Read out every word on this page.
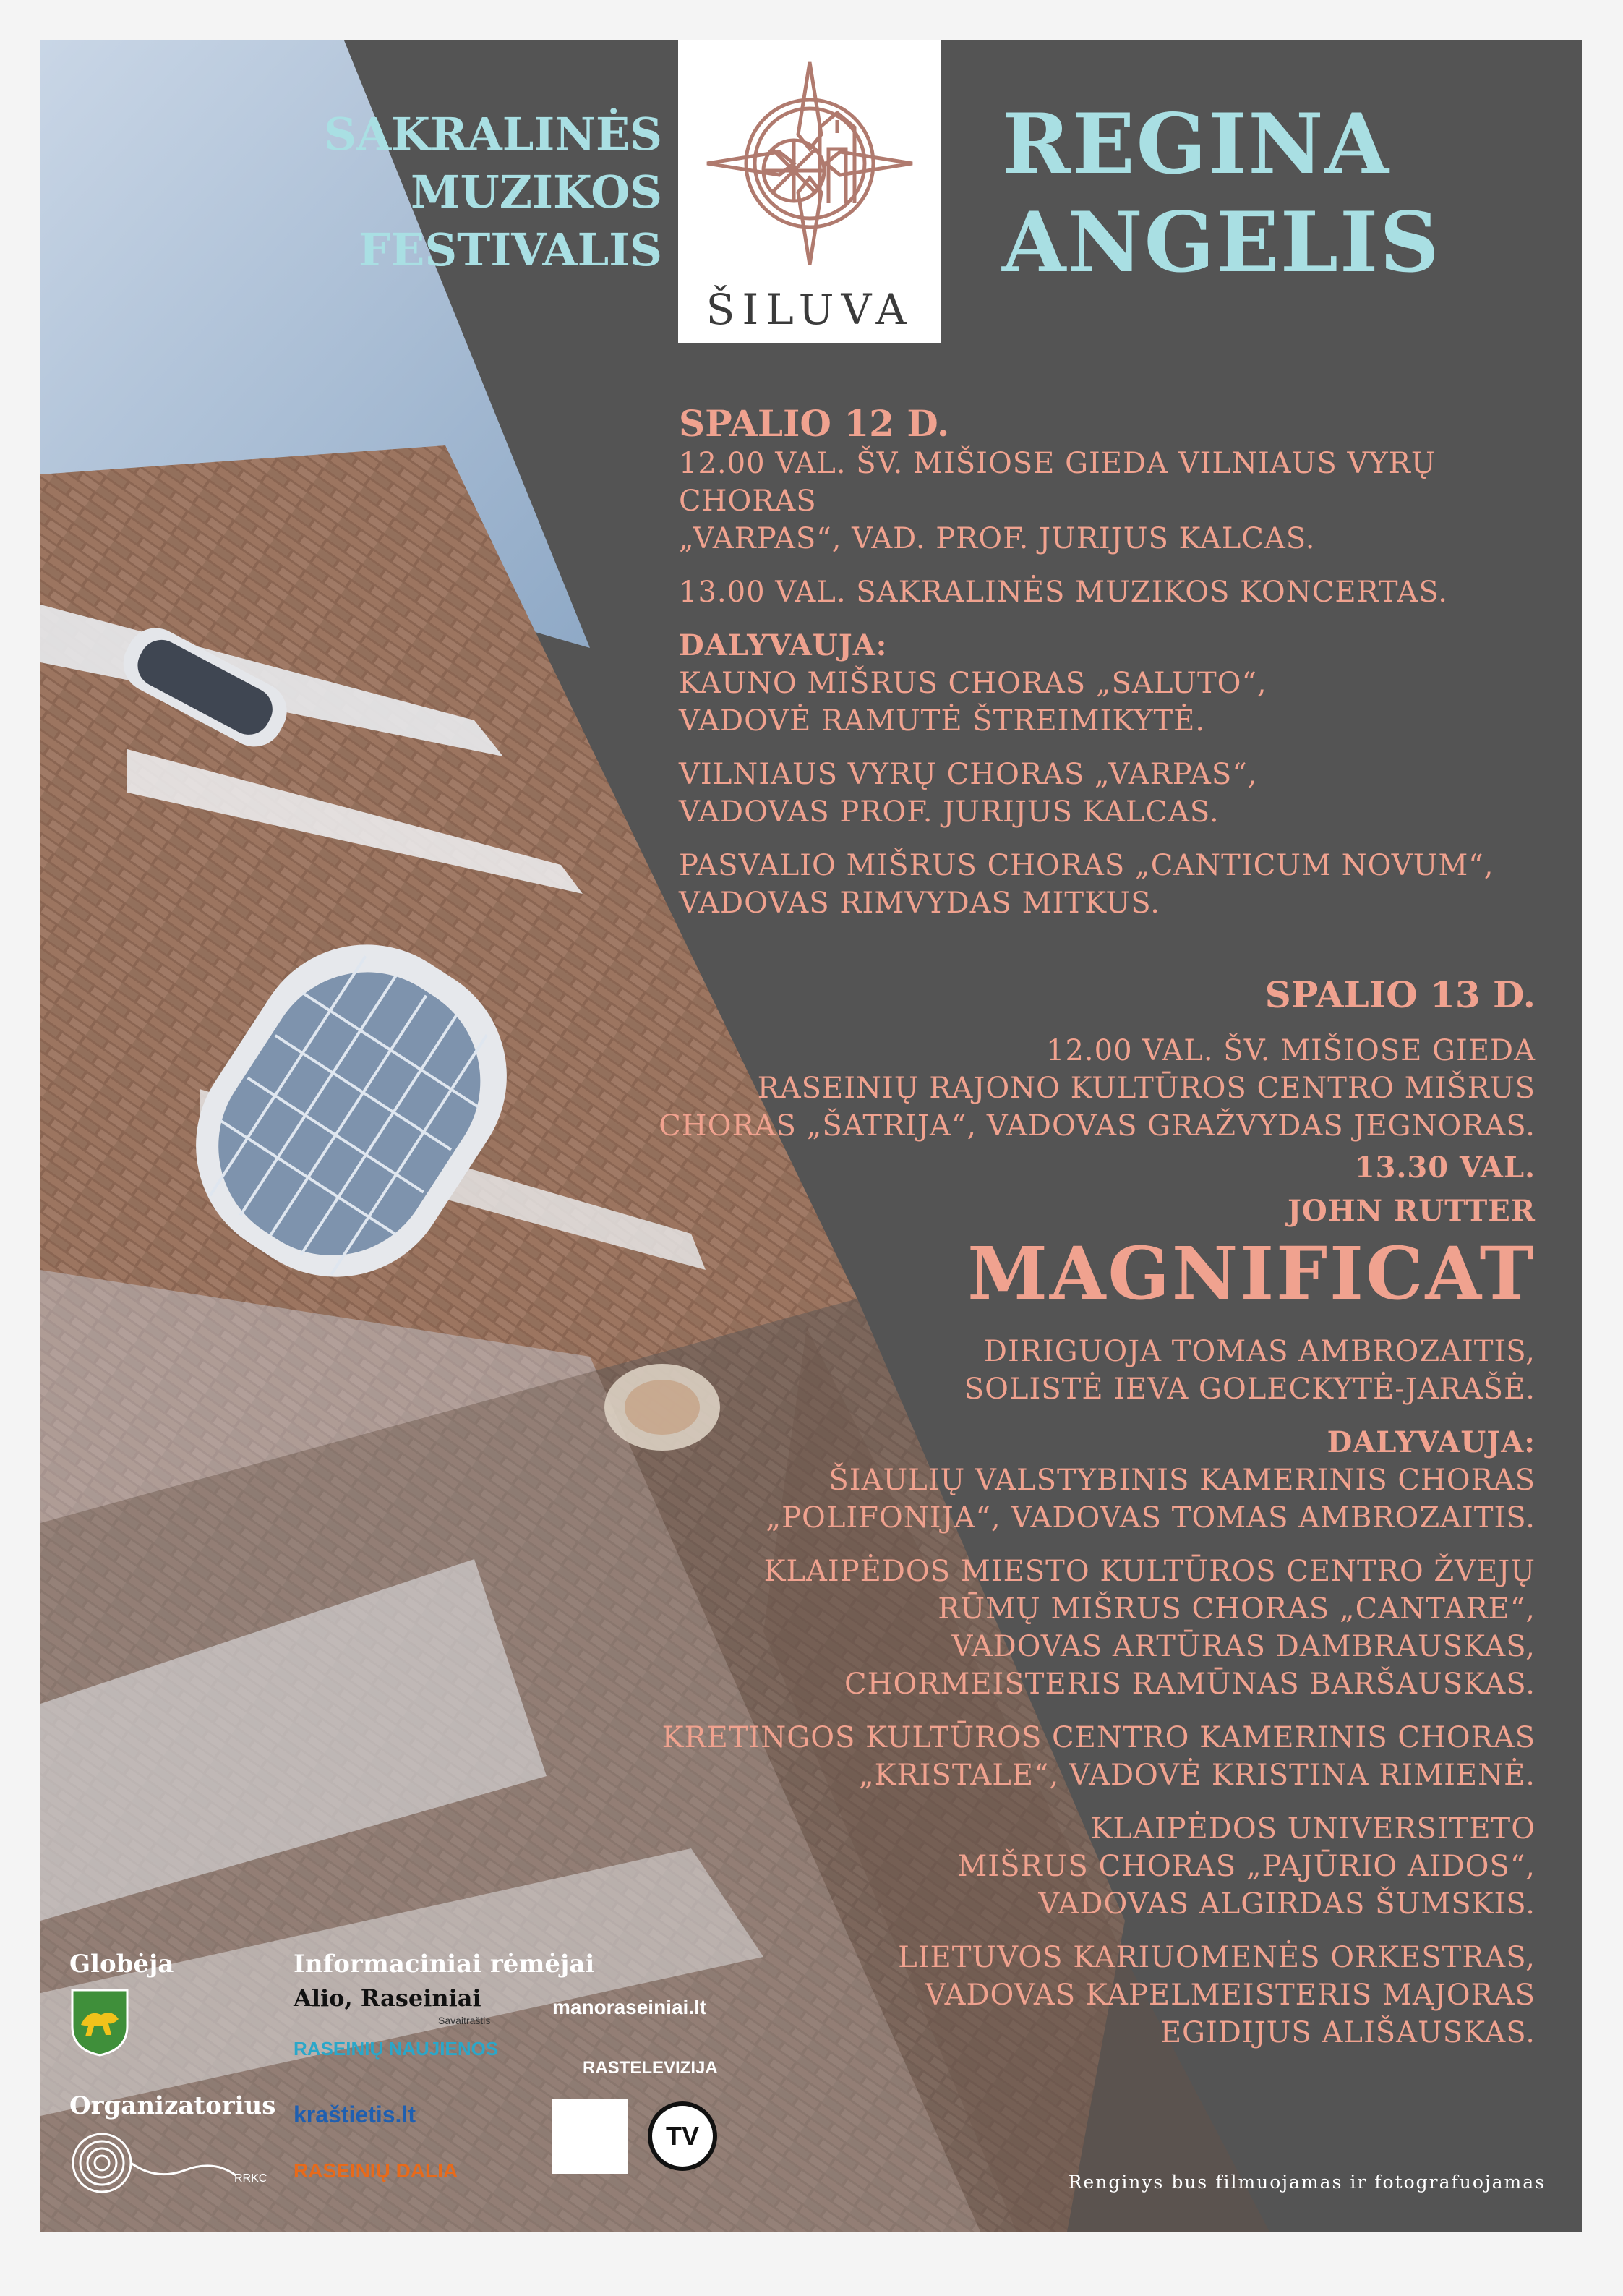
SAKRALINĖS
MUZIKOS
FESTIVALIS
ŠILUVA
REGINA
ANGELIS
SPALIO 12 D.
12.00 VAL. ŠV. MIŠIOSE GIEDA VILNIAUS VYRŲ CHORAS
„VARPAS“, VAD. PROF. JURIJUS KALCAS.
13.00 VAL. SAKRALINĖS MUZIKOS KONCERTAS.
DALYVAUJA:
KAUNO MIŠRUS CHORAS „SALUTO“,
VADOVĖ RAMUTĖ ŠTREIMIKYTĖ.
VILNIAUS VYRŲ CHORAS „VARPAS“,
VADOVAS PROF. JURIJUS KALCAS.
PASVALIO MIŠRUS CHORAS „CANTICUM NOVUM“,
VADOVAS RIMVYDAS MITKUS.
SPALIO 13 D.
12.00 VAL. ŠV. MIŠIOSE GIEDA
RASEINIŲ RAJONO KULTŪROS CENTRO MIŠRUS
CHORAS „ŠATRIJA“, VADOVAS GRAŽVYDAS JEGNORAS.
13.30 VAL.
JOHN RUTTER
MAGNIFICAT
DIRIGUOJA TOMAS AMBROZAITIS,
SOLISTĖ IEVA GOLECKYTĖ-JARAŠĖ.
DALYVAUJA:
ŠIAULIŲ VALSTYBINIS KAMERINIS CHORAS
„POLIFONIJA“, VADOVAS TOMAS AMBROZAITIS.
KLAIPĖDOS MIESTO KULTŪROS CENTRO ŽVEJŲ
RŪMŲ MIŠRUS CHORAS „CANTARE“,
VADOVAS ARTŪRAS DAMBRAUSKAS,
CHORMEISTERIS RAMŪNAS BARŠAUSKAS.
KRETINGOS KULTŪROS CENTRO KAMERINIS CHORAS
„KRISTALE“, VADOVĖ KRISTINA RIMIENĖ.
KLAIPĖDOS UNIVERSITETO
MIŠRUS CHORAS „PAJŪRIO AIDOS“,
VADOVAS ALGIRDAS ŠUMSKIS.
LIETUVOS KARIUOMENĖS ORKESTRAS,
VADOVAS KAPELMEISTERIS MAJORAS
EGIDIJUS ALIŠAUSKAS.
Globėja
Organizatorius
RRKC
Informaciniai rėmėjai
Alio, Raseiniai
Savaitraštis
manoraseiniai.lt
RASEINIŲ NAUJIENOS
RASTELEVIZIJA
kraštietis.lt
RASEINIŲ DALIA
TV
Renginys bus filmuojamas ir fotografuojamas
